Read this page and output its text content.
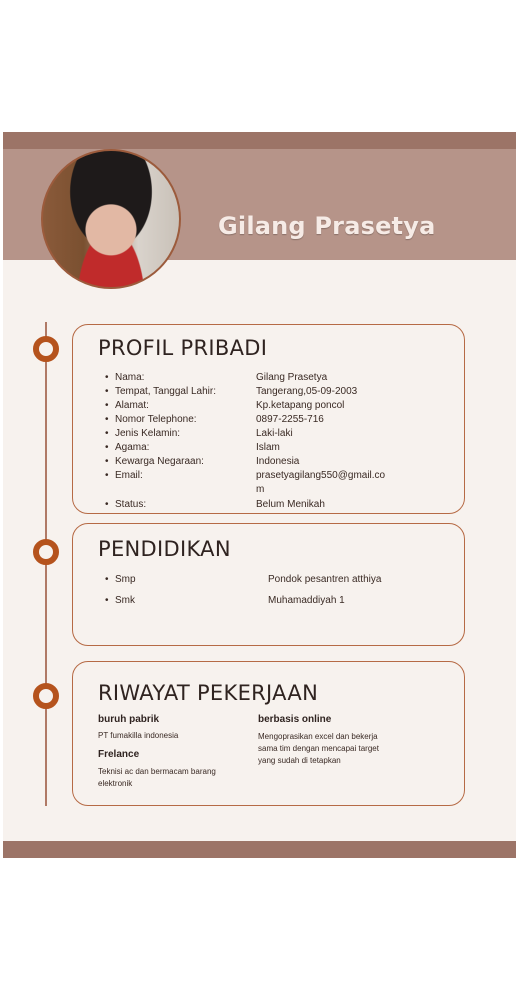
Gilang Prasetya
PROFIL PRIBADI
• Nama:	Gilang Prasetya
• Tempat, Tanggal Lahir:	Tangerang,05-09-2003
• Alamat:	Kp.ketapang poncol
• Nomor Telephone:	0897-2255-716
• Jenis Kelamin:	Laki-laki
• Agama:	Islam
• Kewarga Negaraan:	Indonesia
• Email:	prasetyagilang550@gmail.co
m
• Status:	Belum Menikah
PENDIDIKAN
• Smp	Pondok pesantren atthiya
• Smk	Muhamaddiyah 1
RIWAYAT PEKERJAAN
buruh pabrik
PT fumakilla indonesia
Frelance
Teknisi ac dan bermacam barang
elektronik
berbasis online
Mengoprasikan excel dan bekerja
sama tim dengan mencapai target
yang sudah di tetapkan
